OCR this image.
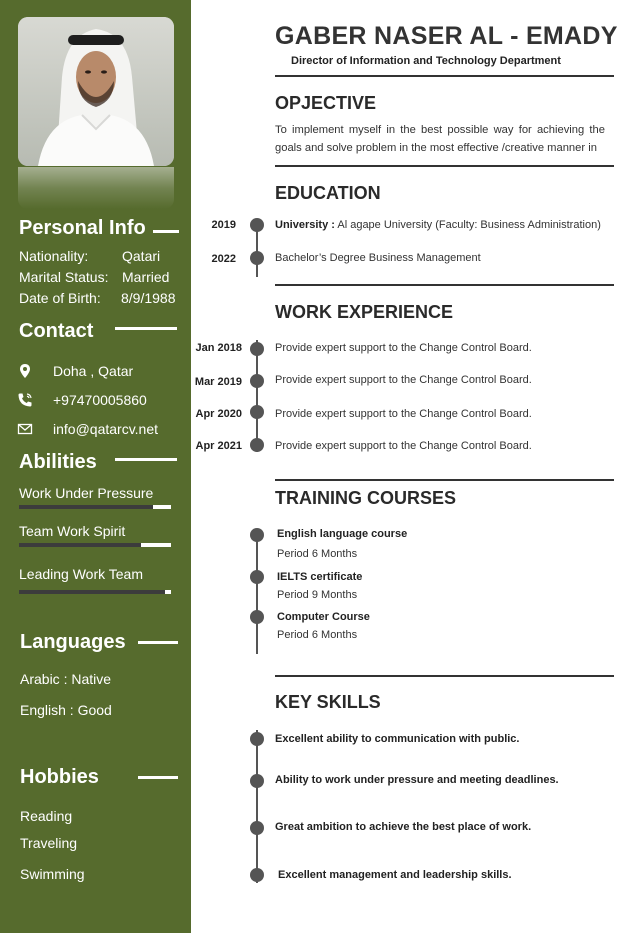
Personal Info
Nationality: Qatari
Marital Status: Married
Date of Birth: 8/9/1988
Contact
Doha , Qatar
+97470005860
info@qatarcv.net
Abilities
Work Under Pressure
Team Work Spirit
Leading Work Team
Languages
Arabic : Native
English : Good
Hobbies
Reading
Traveling
Swimming
GABER NASER AL - EMADY
Director of Information and Technology Department
OPJECTIVE
To implement myself in the best possible way for achieving the goals and solve problem in the most effective /creative manner in
EDUCATION
2019
2022
University : Al agape University (Faculty: Business Administration)
Bachelor’s Degree Business Management
WORK EXPERIENCE
Jan 2018
Mar 2019
Apr 2020
Apr 2021
Provide expert support to the Change Control Board.
Provide expert support to the Change Control Board.
Provide expert support to the Change Control Board.
Provide expert support to the Change Control Board.
TRAINING COURSES
English language course
Period 6 Months
IELTS certificate
Period 9 Months
Computer Course
Period 6 Months
KEY SKILLS
Excellent ability to communication with public.
Ability to work under pressure and meeting deadlines.
Great ambition to achieve the best place of work.
Excellent management and leadership skills.
